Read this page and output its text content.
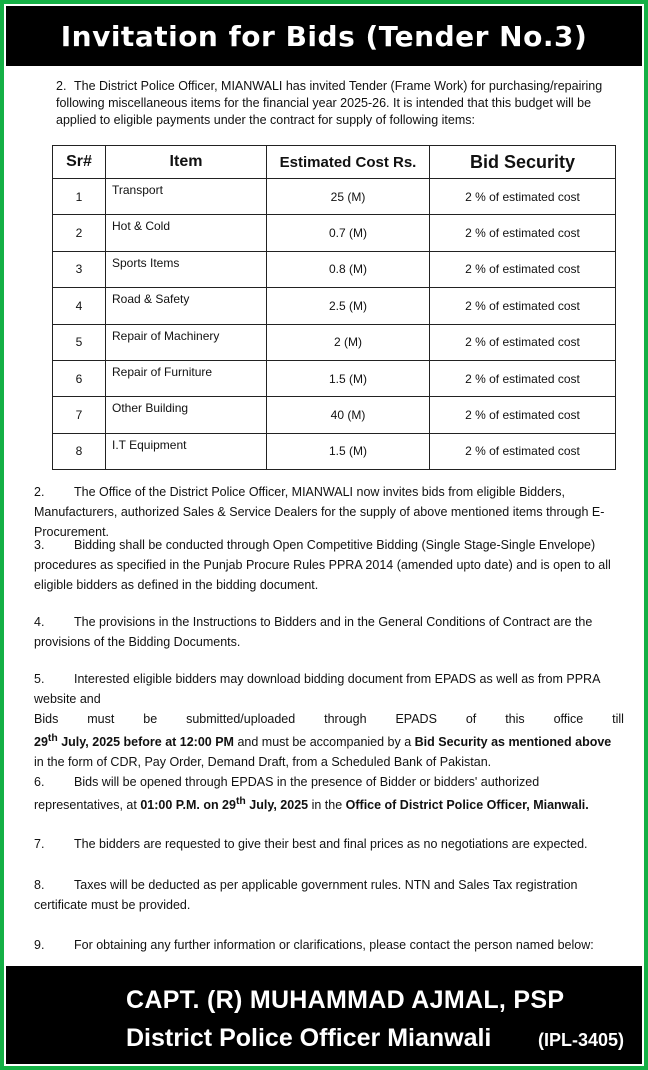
Invitation for Bids (Tender No.3)
2. The District Police Officer, MIANWALI has invited Tender (Frame Work) for purchasing/repairing following miscellaneous items for the financial year 2025-26. It is intended that this budget will be applied to eligible payments under the contract for supply of following items:
Sr#	Item	Estimated Cost Rs.	Bid Security
1	Transport	25 (M)	2 % of estimated cost
2	Hot & Cold	0.7 (M)	2 % of estimated cost
3	Sports Items	0.8 (M)	2 % of estimated cost
4	Road & Safety	2.5 (M)	2 % of estimated cost
5	Repair of Machinery	2 (M)	2 % of estimated cost
6	Repair of Furniture	1.5 (M)	2 % of estimated cost
7	Other Building	40 (M)	2 % of estimated cost
8	I.T Equipment	1.5 (M)	2 % of estimated cost
2. The Office of the District Police Officer, MIANWALI now invites bids from eligible Bidders, Manufacturers, authorized Sales & Service Dealers for the supply of above mentioned items through E-Procurement.
3. Bidding shall be conducted through Open Competitive Bidding (Single Stage-Single Envelope) procedures as specified in the Punjab Procure Rules PPRA 2014 (amended upto date) and is open to all eligible bidders as defined in the bidding document.
4. The provisions in the Instructions to Bidders and in the General Conditions of Contract are the provisions of the Bidding Documents.
5. Interested eligible bidders may download bidding document from EPADS as well as from PPRA website and
Bids must be submitted/uploaded through EPADS of this office till
29th July, 2025 before at 12:00 PM and must be accompanied by a Bid Security as mentioned above in the form of CDR, Pay Order, Demand Draft, from a Scheduled Bank of Pakistan.
6. Bids will be opened through EPDAS in the presence of Bidder or bidders' authorized representatives, at 01:00 P.M. on 29th July, 2025 in the Office of District Police Officer, Mianwali.
7. The bidders are requested to give their best and final prices as no negotiations are expected.
8. Taxes will be deducted as per applicable government rules. NTN and Sales Tax registration certificate must be provided.
9. For obtaining any further information or clarifications, please contact the person named below:
CAPT. (R) MUHAMMAD AJMAL, PSP
District Police Officer Mianwali	(IPL-3405)
